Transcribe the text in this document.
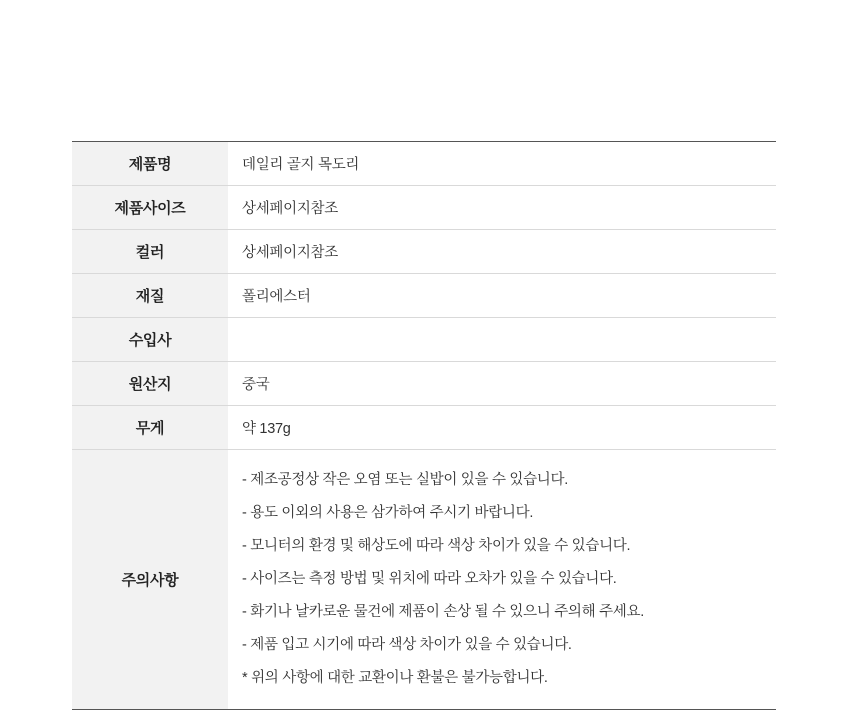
제품명	데일리 골지 목도리
제품사이즈	상세페이지참조
컬러	상세페이지참조
재질	폴리에스터
수입사	
원산지	중국
무게	약 137g
주의사항	
- 제조공정상 작은 오염 또는 실밥이 있을 수 있습니다.
- 용도 이외의 사용은 삼가하여 주시기 바랍니다.
- 모니터의 환경 및 해상도에 따라 색상 차이가 있을 수 있습니다.
- 사이즈는 측정 방법 및 위치에 따라 오차가 있을 수 있습니다.
- 화기나 날카로운 물건에 제품이 손상 될 수 있으니 주의해 주세요.
- 제품 입고 시기에 따라 색상 차이가 있을 수 있습니다.
* 위의 사항에 대한 교환이나 환불은 불가능합니다.
